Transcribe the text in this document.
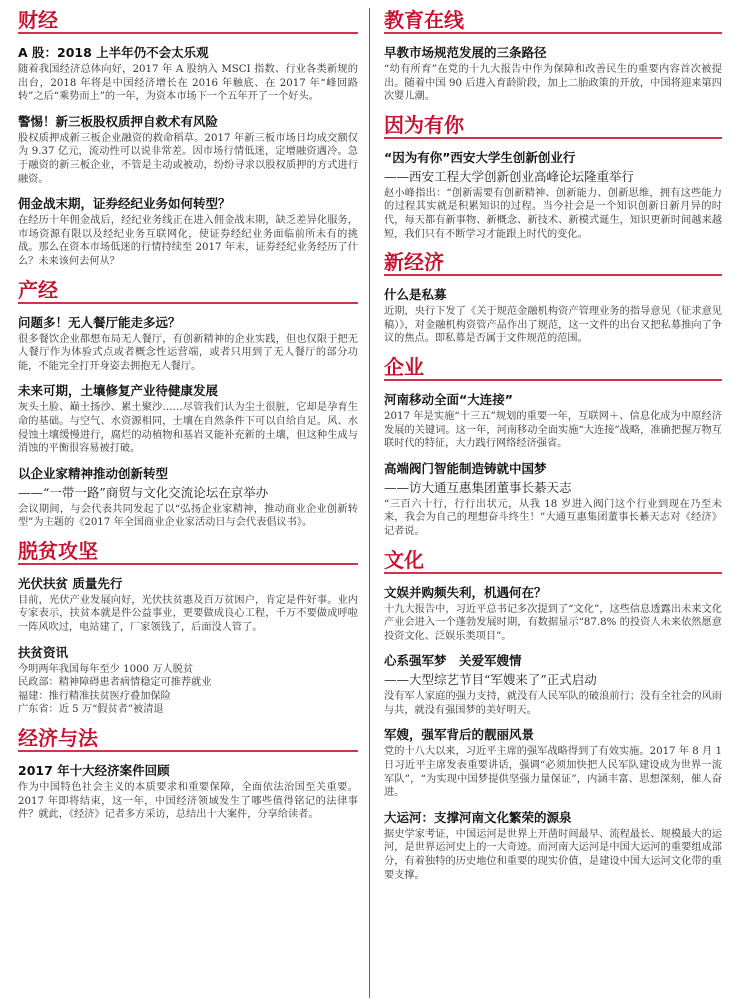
财经

A 股：2018 上半年仍不会太乐观

随着我国经济总体向好，2017 年 A 股纳入 MSCI 指数、行业各类新规的出台，2018 年将是中国经济增长在 2016 年触底、在 2017 年“峰回路转”之后“乘势而上”的一年，为资本市场下一个五年开了一个好头。

警惕！新三板股权质押自救术有风险

股权质押成新三板企业融资的救命稻草。2017 年新三板市场日均成交额仅为 9.37 亿元，流动性可以说非常差。因市场行情低迷，定增融资遇冷。急于融资的新三板企业，不管是主动或被动，纷纷寻求以股权质押的方式进行融资。

佣金战末期，证券经纪业务如何转型？

在经历十年佣金战后，经纪业务线正在进入佣金战末期，缺乏差异化服务，市场资源有限以及经纪业务互联网化，使证券经纪业务面临前所未有的挑战。那么在资本市场低迷的行情持续至 2017 年末，证券经纪业务经历了什么？未来该何去何从？

产经

问题多！无人餐厅能走多远？

很多餐饮企业都想布局无人餐厅，有创新精神的企业实践，但也仅限于把无人餐厅作为体验式点或者概念性运营端，或者只用到了无人餐厅的部分功能，不能完全打开身姿去拥抱无人餐厅。

未来可期，土壤修复产业待健康发展

灰头土脸、巅土扬沙、累土聚沙……尽管我们认为尘土很脏，它却是孕育生命的基础。与空气、水资源相同，土壤在自然条件下可以自给自足。风、水侵蚀土壤缓慢进行，腐烂的动植物和基岩又能补充新的土壤，但这种生成与消蚀的平衡很容易被打破。

以企业家精神推动创新转型

——“一带一路”商贸与文化交流论坛在京举办

会议期间，与会代表共同发起了以“弘扬企业家精神，推动商业企业创新转型”为主题的《2017 年全国商业企业家活动日与会代表倡议书》。

脱贫攻坚

光伏扶贫 质量先行

目前，光伏产业发展向好，光伏扶贫惠及百万贫困户，肯定是件好事。业内专家表示，扶贫本就是件公益事业，更要做成良心工程，千万不要做成呼啦一阵风吹过，电站建了，厂家领钱了，后面没人管了。

扶贫资讯

今明两年我国每年至少 1000 万人脱贫
民政部：精神障碍患者病情稳定可推荐就业
福建：推行精准扶贫医疗叠加保险
广东省：近 5 万“假贫者”被清退
经济与法

2017 年十大经济案件回顾

作为中国特色社会主义的本质要求和重要保障，全面依法治国至关重要。2017 年即将结束，这一年，中国经济领域发生了哪些值得铭记的法律事件？就此，《经济》记者多方采访，总结出十大案件，分享给读者。

教育在线

早教市场规范发展的三条路径

“幼有所育”在党的十九大报告中作为保障和改善民生的重要内容首次被提出。随着中国 90 后进入育龄阶段，加上二胎政策的开放，中国将迎来第四次婴儿潮。

因为有你

“因为有你”西安大学生创新创业行

——西安工程大学创新创业高峰论坛隆重举行

赵小峰指出：“创新需要有创新精神、创新能力、创新思维，拥有这些能力的过程其实就是积累知识的过程。当今社会是一个知识创新日新月异的时代，每天都有新事物、新概念、新技术、新模式诞生，知识更新时间越来越短，我们只有不断学习才能跟上时代的变化。

新经济

什么是私募

近期，央行下发了《关于规范金融机构资产管理业务的指导意见（征求意见稿）》，对金融机构资管产品作出了规范，这一文件的出台又把私募推向了争议的焦点。即私募是否属于文件规范的范围。

企业

河南移动全面“大连接”

2017 年是实施“十三五”规划的重要一年，互联网＋、信息化成为中原经济发展的关键词。这一年，河南移动全面实施“大连接”战略，准确把握万物互联时代的特征，大力践行网络经济强省。

高端阀门智能制造铸就中国梦

——访大通互惠集团董事长綦天志

“三百六十行，行行出状元，从我 18 岁进入阀门这个行业到现在乃至未来，我会为自己的理想奋斗终生！”大通互惠集团董事长綦天志对《经济》记者说。

文化

文娱并购频失利，机遇何在？

十九大报告中，习近平总书记多次提到了“文化”，这些信息透露出未来文化产业会进入一个蓬勃发展时期，有数据显示“87.8% 的投资人未来依然愿意投资文化、泛娱乐类项目”。

心系强军梦　关爱军嫂情

——大型综艺节目“军嫂来了”正式启动

没有军人家庭的强力支持，就没有人民军队的破浪前行；没有全社会的风雨与共，就没有强国梦的美好明天。

军嫂，强军背后的靓丽风景

党的十八大以来，习近平主席的强军战略得到了有效实施。2017 年 8 月 1 日习近平主席发表重要讲话，强调“必须加快把人民军队建设成为世界一流军队”，“为实现中国梦提供坚强力量保证”，内涵丰富、思想深刻，催人奋进。

大运河：支撑河南文化繁荣的源泉

据史学家考证，中国运河是世界上开凿时间最早、流程最长、规模最大的运河，是世界运河史上的一大奇迹。而河南大运河是中国大运河的重要组成部分，有着独特的历史地位和重要的现实价值，是建设中国大运河文化带的重要支撑。
